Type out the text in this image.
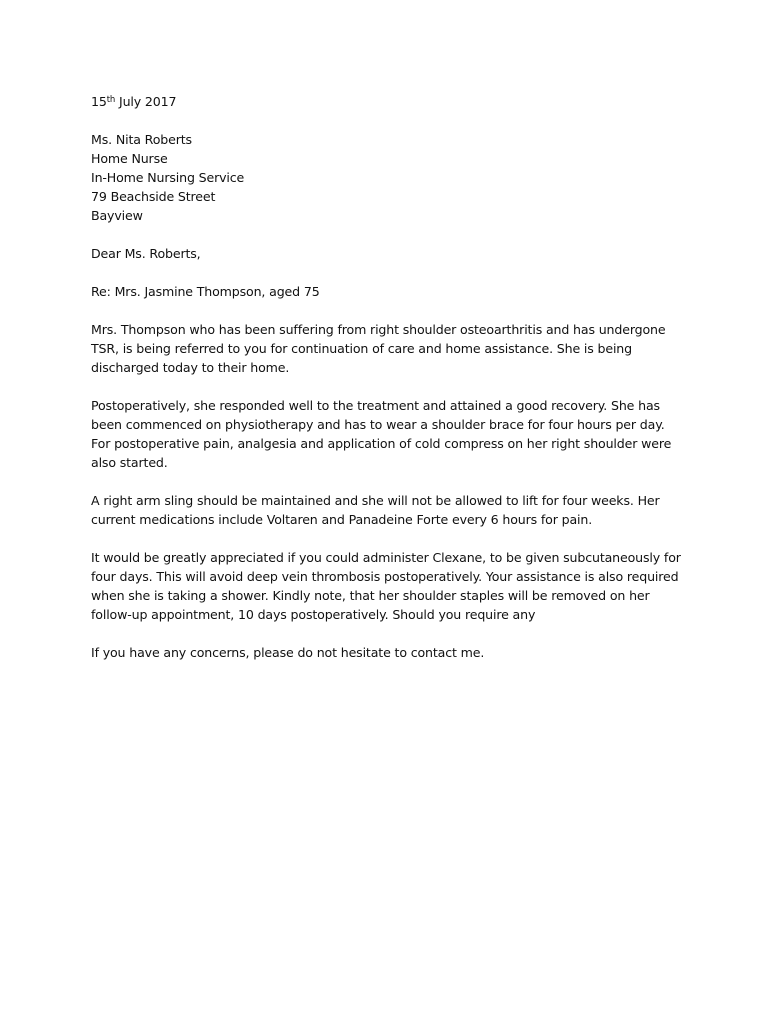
15th July 2017
Ms. Nita Roberts
Home Nurse
In-Home Nursing Service
79 Beachside Street
Bayview
Dear Ms. Roberts,
Re: Mrs. Jasmine Thompson, aged 75

Mrs. Thompson who has been suffering from right shoulder osteoarthritis and has undergone
TSR, is being referred to you for continuation of care and home assistance. She is being
discharged today to their home.

Postoperatively, she responded well to the treatment and attained a good recovery. She has
been commenced on physiotherapy and has to wear a shoulder brace for four hours per day.
For postoperative pain, analgesia and application of cold compress on her right shoulder were
also started.

A right arm sling should be maintained and she will not be allowed to lift for four weeks. Her
current medications include Voltaren and Panadeine Forte every 6 hours for pain.

It would be greatly appreciated if you could administer Clexane, to be given subcutaneously for
four days. This will avoid deep vein thrombosis postoperatively. Your assistance is also required
when she is taking a shower. Kindly note, that her shoulder staples will be removed on her
follow-up appointment, 10 days postoperatively. Should you require any

If you have any concerns, please do not hesitate to contact me.
